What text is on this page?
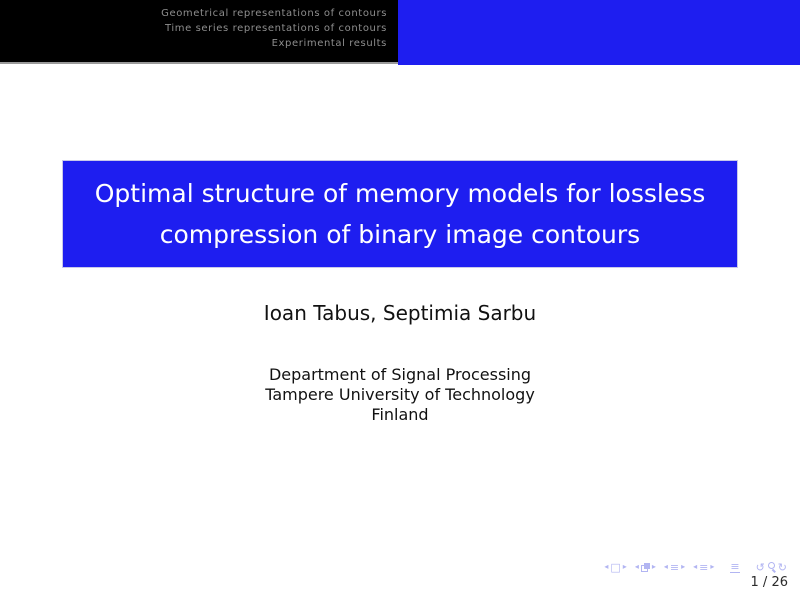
Geometrical representations of contours
Time series representations of contours
Experimental results
Optimal structure of memory models for lossless
compression of binary image contours
Ioan Tabus, Septimia Sarbu
Department of Signal Processing
Tampere University of Technology
Finland
◂ □ ▸ ◂ ▸ ◂ ≡ ▸ ◂ ≡ ▸ ≡ ↺ ↻
1 / 26
